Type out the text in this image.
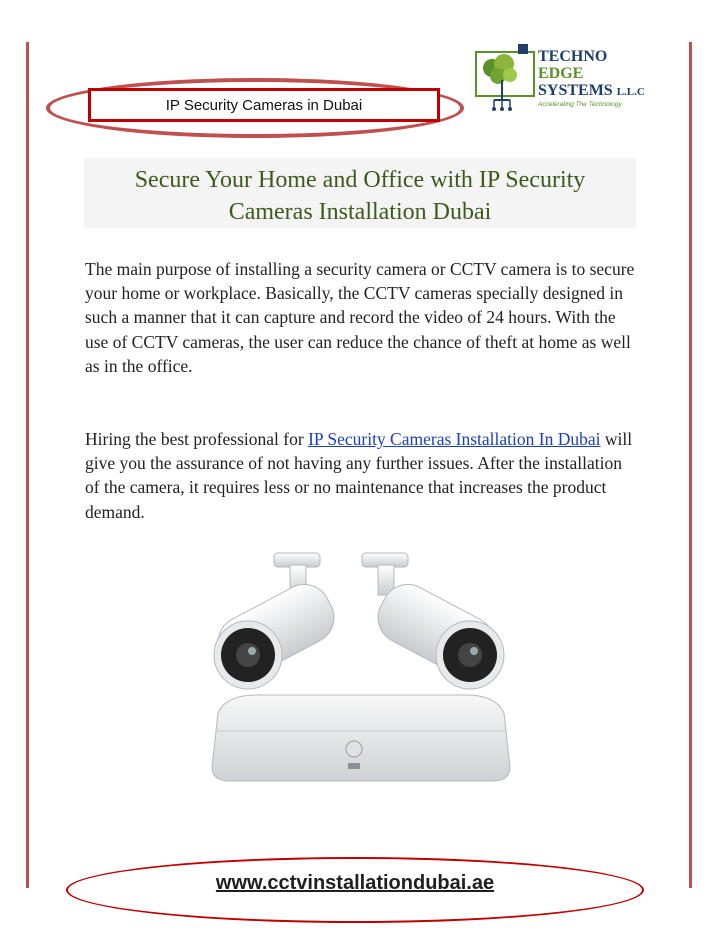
IP Security Cameras in Dubai
TECHNO
EDGE
SYSTEMS L.L.C
Accelerating The Technology
Secure Your Home and Office with IP Security
Cameras Installation Dubai

The main purpose of installing a security camera or CCTV camera is to secure your home or workplace. Basically, the CCTV cameras specially designed in such a manner that it can capture and record the video of 24 hours. With the use of CCTV cameras, the user can reduce the chance of theft at home as well as in the office.

Hiring the best professional for IP Security Cameras Installation In Dubai will give you the assurance of not having any further issues. After the installation of the camera, it requires less or no maintenance that increases the product demand.

www.cctvinstallationdubai.ae
